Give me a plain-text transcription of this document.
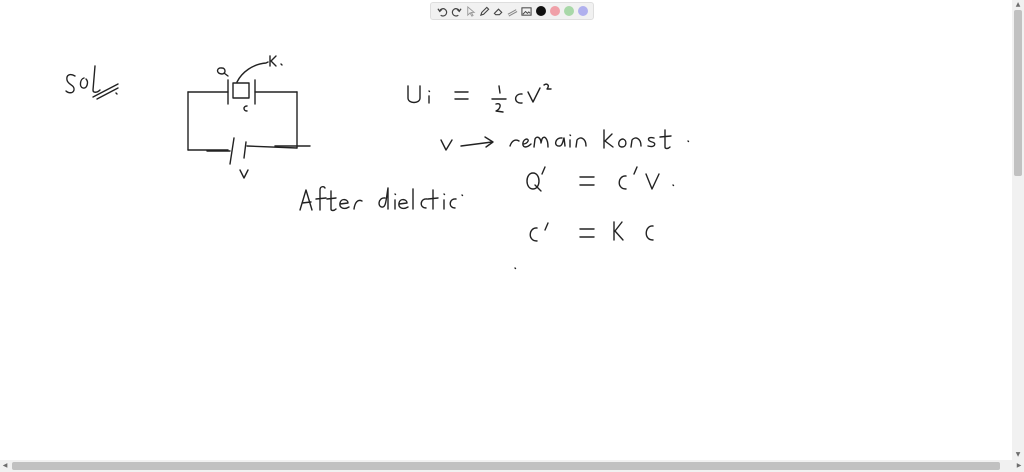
▲
▼
◀	▶
